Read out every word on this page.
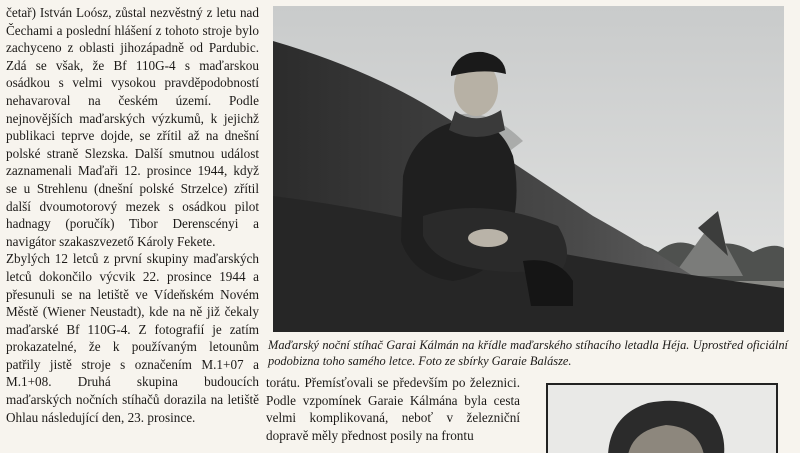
četař) István Loósz, zůstal nezvěstný z letu nad Čechami a poslední hlášení z tohoto stroje bylo zachyceno z oblasti jihozápadně od Pardubic. Zdá se však, že Bf 110G-4 s maďarskou osádkou s velmi vysokou pravděpodobností nehavaroval na českém území. Podle nejnovějších maďarských výzkumů, k jejichž publikaci teprve dojde, se zřítil až na dnešní polské straně Slezska. Další smutnou událost zaznamenali Maďaři 12. prosince 1944, když se u Strehlenu (dnešní polské Strzelce) zřítil další dvoumotorový mezek s osádkou pilot hadnagy (poručík) Tibor Derenscényi a navigátor szakaszvezető Károly Fekete.

Zbylých 12 letců z první skupiny maďarských letců dokončilo výcvik 22. prosince 1944 a přesunuli se na letiště ve Vídeňském Novém Městě (Wiener Neustadt), kde na ně již čekaly maďarské Bf 110G-4. Z fotografií je zatím prokazatelné, že k používaným letounům patřily jistě stroje s označením M.1+07 a M.1+08. Druhá skupina budoucích maďarských nočních stíhačů dorazila na letiště Ohlau následující den, 23. prosince.

Maďarský noční stíhač Garai Kálmán na křídle maďarského stíhacího letadla Héja. Uprostřed oficiální podobizna toho samého letce. Foto ze sbírky Garaie Balásze.

torátu. Přemísťovali se především po železnici. Podle vzpomínek Garaie Kálmána byla cesta velmi komplikovaná, neboť v železniční dopravě měly přednost posily na frontu
